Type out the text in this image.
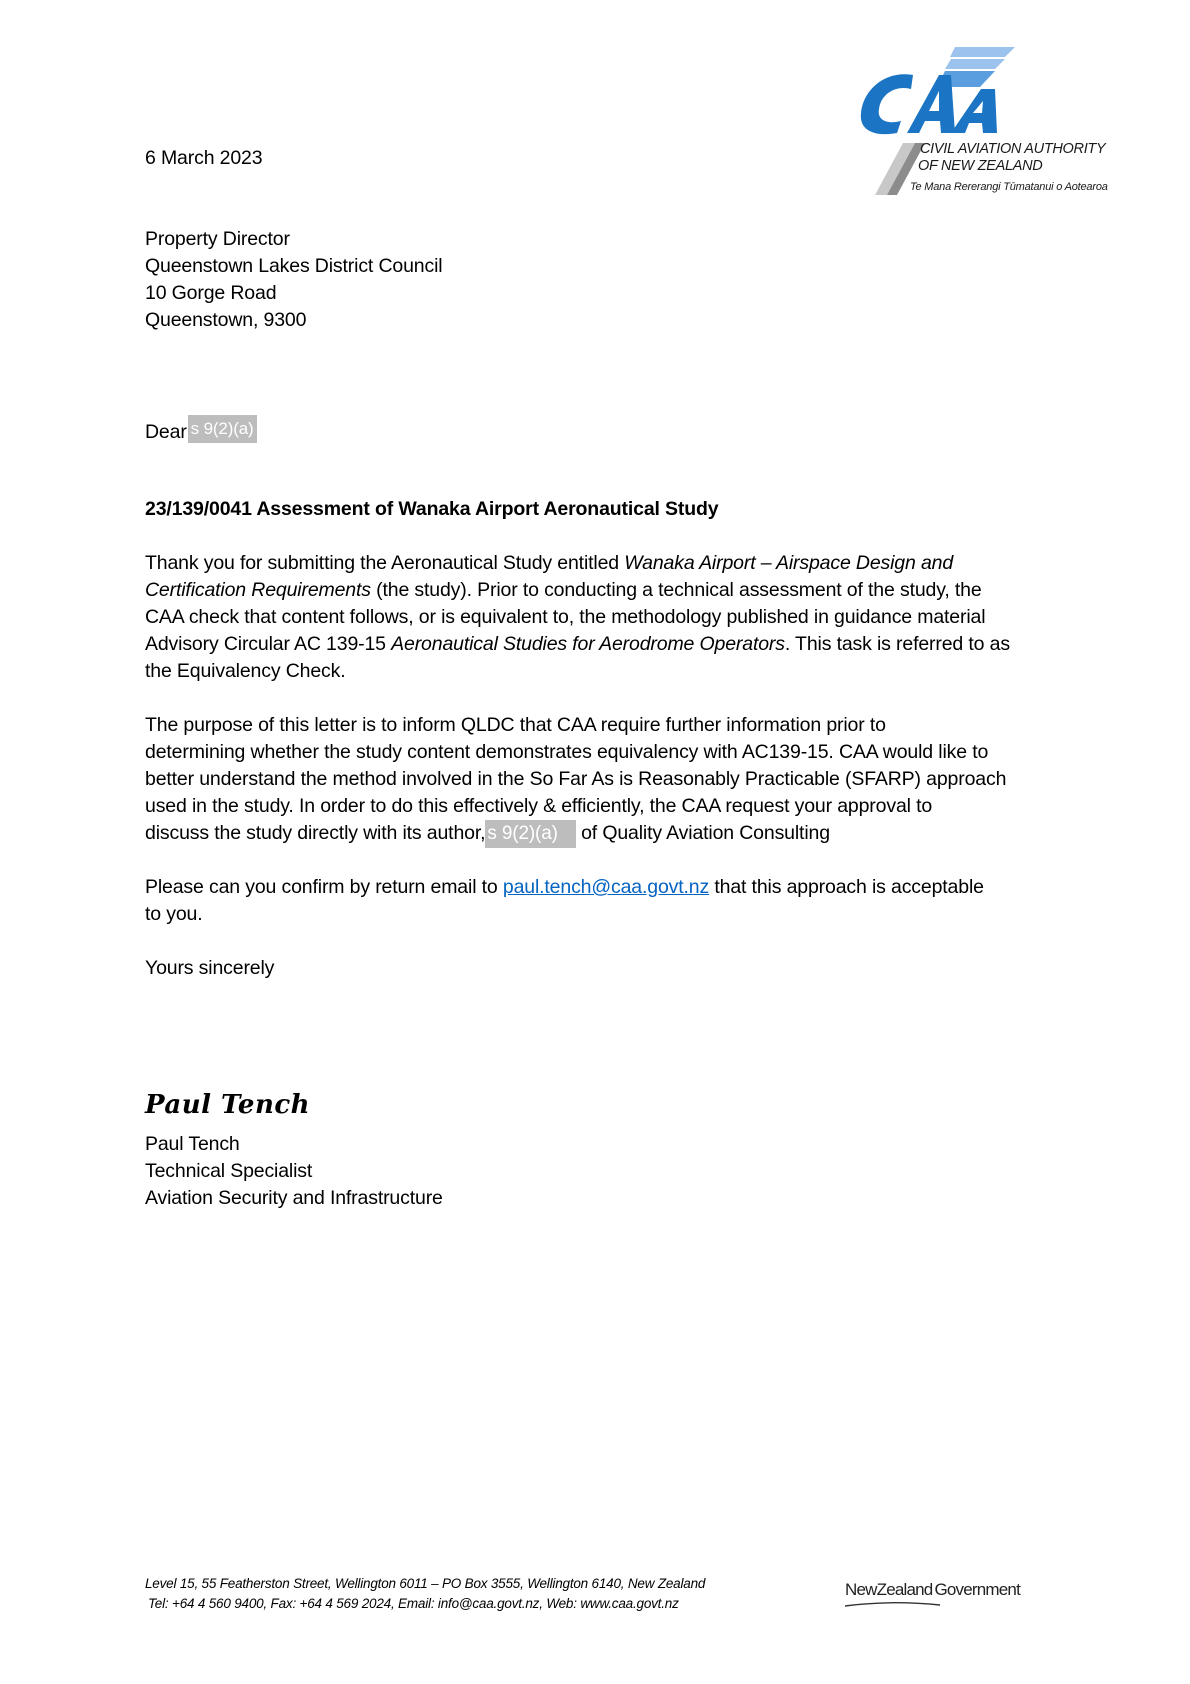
CIVIL AVIATION AUTHORITY
OF NEW ZEALAND
Te Mana Rererangi Tūmatanui o Aotearoa
6 March 2023
Property Director
Queenstown Lakes District Council
10 Gorge Road
Queenstown, 9300
Dear s 9(2)(a)
23/139/0041 Assessment of Wanaka Airport Aeronautical Study
Thank you for submitting the Aeronautical Study entitled Wanaka Airport – Airspace Design and
Certification Requirements (the study). Prior to conducting a technical assessment of the study, the
CAA check that content follows, or is equivalent to, the methodology published in guidance material
Advisory Circular AC 139-15 Aeronautical Studies for Aerodrome Operators. This task is referred to as
the Equivalency Check.
The purpose of this letter is to inform QLDC that CAA require further information prior to
determining whether the study content demonstrates equivalency with AC139-15. CAA would like to
better understand the method involved in the So Far As is Reasonably Practicable (SFARP) approach
used in the study. In order to do this effectively & efficiently, the CAA request your approval to
discuss the study directly with its author, s 9(2)(a) of Quality Aviation Consulting
Please can you confirm by return email to paul.tench@caa.govt.nz that this approach is acceptable
to you.
Yours sincerely
Paul Tench
Paul Tench
Technical Specialist
Aviation Security and Infrastructure
Level 15, 55 Featherston Street, Wellington 6011 – PO Box 3555, Wellington 6140, New Zealand
Tel: +64 4 560 9400, Fax: +64 4 569 2024, Email: info@caa.govt.nz, Web: www.caa.govt.nz
NewZealand Government
